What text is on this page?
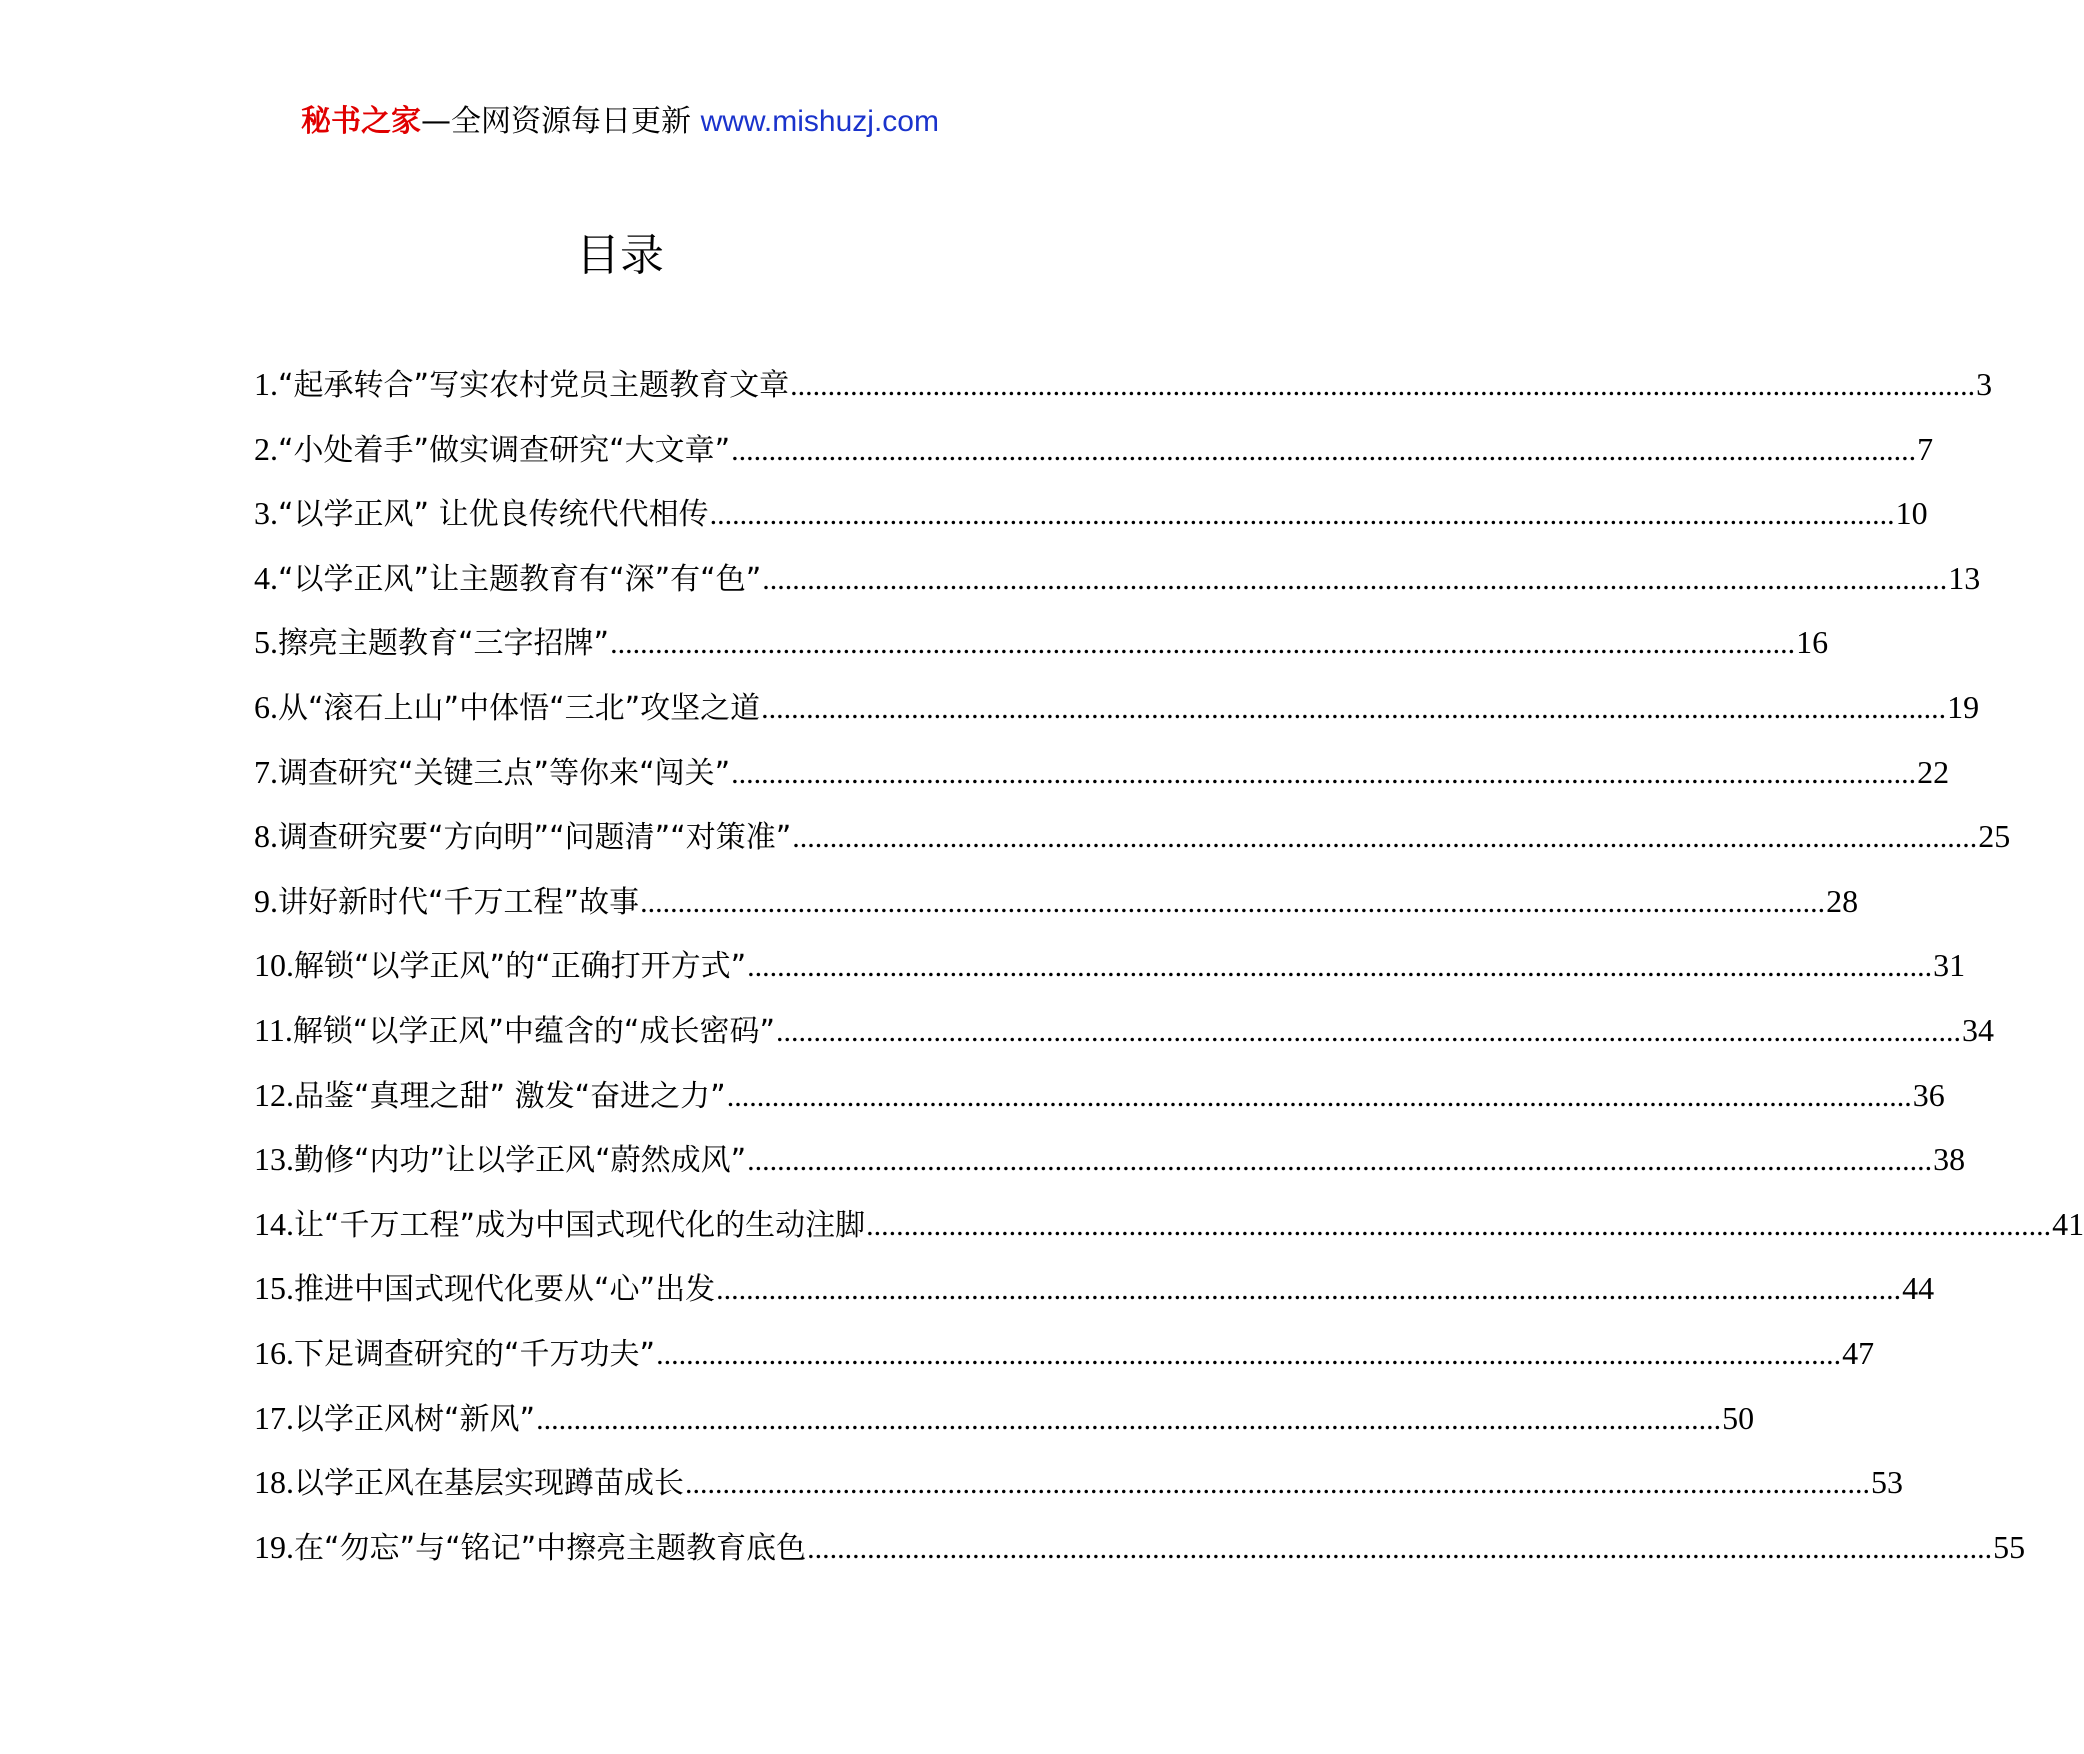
秘书之家—全网资源每日更新 www.mishuzj.com
目录
1. “起承转合”写实农村党员主题教育文章 .....	3
2. “小处着手”做实调查研究“大文章” .....	7
3. “以学正风” 让优良传统代代相传 .....	10
4. “以学正风”让主题教育有“深”有“色” .....	13
5. 擦亮主题教育“三字招牌” .....	16
6. 从“滚石上山”中体悟“三北”攻坚之道 .....	19
7. 调查研究“关键三点”等你来“闯关” .....	22
8. 调查研究要“方向明”“问题清”“对策准” .....	25
9. 讲好新时代“千万工程”故事 .....	28
10. 解锁“以学正风”的“正确打开方式” .....	31
11. 解锁“以学正风”中蕴含的“成长密码” .....	34
12. 品鉴“真理之甜” 激发“奋进之力” .....	36
13. 勤修“内功”让以学正风“蔚然成风” .....	38
14. 让“千万工程”成为中国式现代化的生动注脚 .....	41
15. 推进中国式现代化要从“心”出发 .....	44
16. 下足调查研究的“千万功夫” .....	47
17. 以学正风树“新风” .....	50
18. 以学正风在基层实现蹲苗成长 .....	53
19. 在“勿忘”与“铭记”中擦亮主题教育底色 .....	55
